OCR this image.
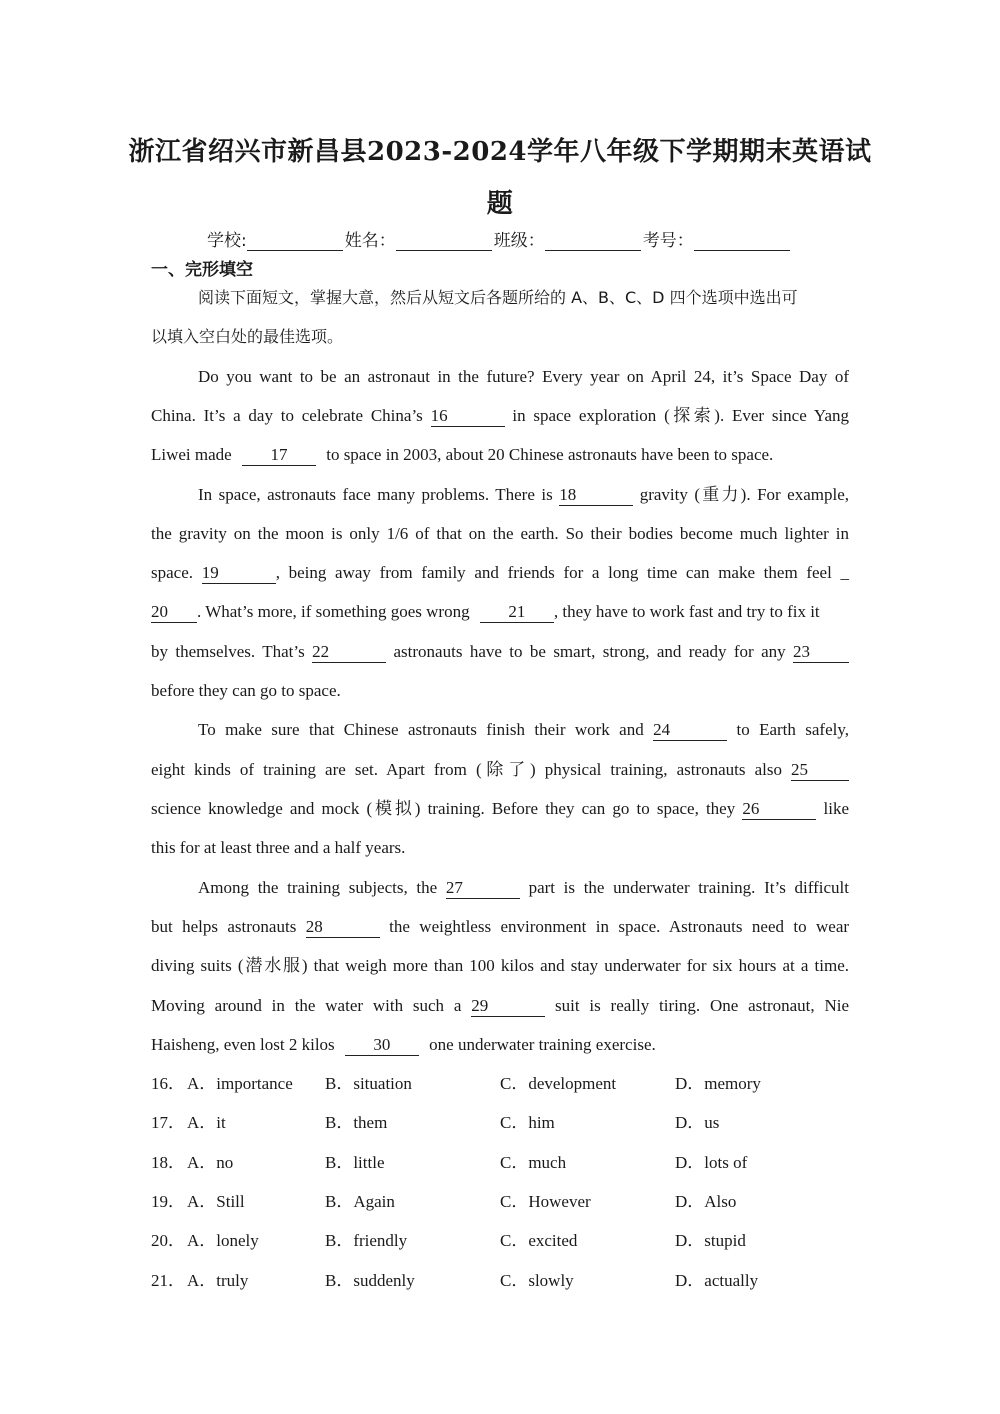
浙江省绍兴市新昌县2023-2024学年八年级下学期期末英语试
题
学校:	姓名：	班级：	考号：
一、完形填空
阅读下面短文，掌握大意，然后从短文后各题所给的 A、B、C、D 四个选项中选出可
以填入空白处的最佳选项。
Do you want to be an astronaut in the future? Every year on April 24, it’s Space Day of
China. It’s a day to celebrate China’s 16	in space exploration (探索). Ever since Yang
Liwei made 17 to space in 2003, about 20 Chinese astronauts have been to space.
In space, astronauts face many problems. There is 18	gravity (重力). For example,
the gravity on the moon is only 1/6 of that on the earth. So their bodies become much lighter in
space. 19	, being away from family and friends for a long time can make them feel _
20 . What’s more, if something goes wrong 21 , they have to work fast and try to fix it
by themselves. That’s 22	astronauts have to be smart, strong, and ready for any 23
before they can go to space.
To make sure that Chinese astronauts finish their work and 24	to Earth safely,
eight kinds of training are set. Apart from (除了) physical training, astronauts also 25
science knowledge and mock (模拟) training. Before they can go to space, they 26	like
this for at least three and a half years.
Among the training subjects, the 27	part is the underwater training. It’s difficult
but helps astronauts 28	the weightless environment in space. Astronauts need to wear
diving suits (潜水服) that weigh more than 100 kilos and stay underwater for six hours at a time.
Moving around in the water with such a 29	suit is really tiring. One astronaut, Nie
Haisheng, even lost 2 kilos 30 one underwater training exercise.
16． A．importance B．situation	C．development	D．memory
17． A．it	B．them	C．him	D．us
18． A．no	B．little	C．much	D．lots of
19． A．Still	B．Again	C．However	D．Also
20． A．lonely	B．friendly	C．excited	D．stupid
21． A．truly	B．suddenly	C．slowly	D．actually
